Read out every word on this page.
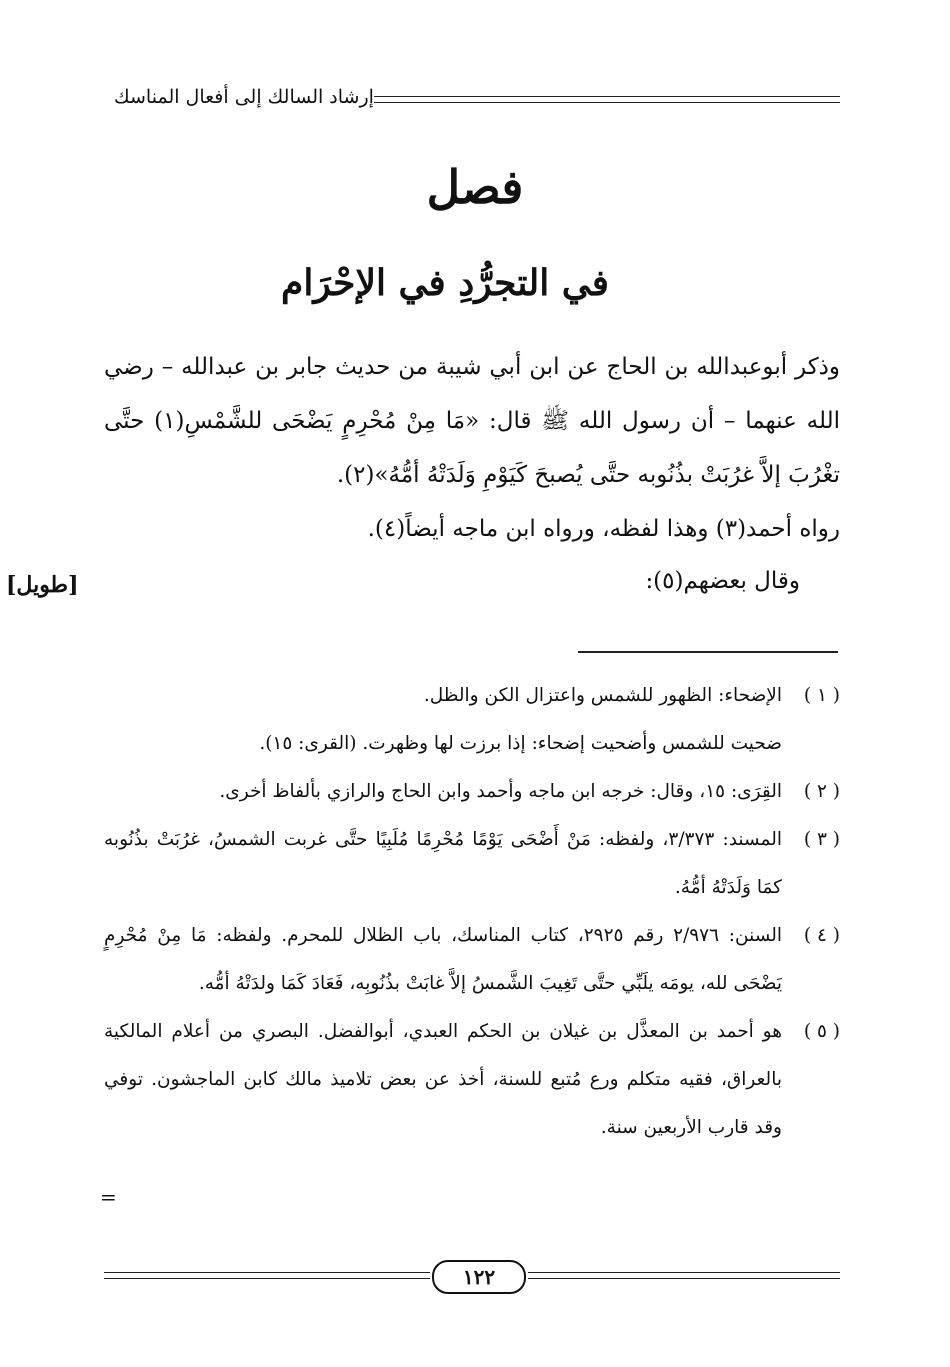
إرشاد السالك إلى أفعال المناسك
فصل
في التجرُّدِ في الإحْرَام

وذكر أبوعبدالله بن الحاج عن ابن أبي شيبة من حديث جابر بن عبدالله – رضي الله عنهما – أن رسول الله ﷺ قال: «مَا مِنْ مُحْرِمٍ يَضْحَى للشَّمْسِ(١) حتَّى تغْرُبَ إلاَّ غرُبَتْ بذُنُوبه حتَّى يُصبحَ كَيَوْمِ وَلَدَتْهُ أمُّهُ»(٢).

رواه أحمد(٣) وهذا لفظه، ورواه ابن ماجه أيضاً(٤).

وقال بعضهم(٥):
[طويل]
( ١ )
الإضحاء: الظهور للشمس واعتزال الكن والظل.
ضحيت للشمس وأضحيت إضحاء: إذا برزت لها وظهرت. (القرى: ١٥).
( ٢ )
القِرَى: ١٥، وقال: خرجه ابن ماجه وأحمد وابن الحاج والرازي بألفاظ أخرى.
( ٣ )
المسند: ٣/٣٧٣، ولفظه: مَنْ أَضْحَى يَوْمًا مُحْرِمًا مُلَبِيًا حتَّى غربت الشمسُ، غرُبَتْ بذُنُوبه كمَا وَلَدَتْهُ أمُّهُ.
( ٤ )
السنن: ٢/٩٧٦ رقم ٢٩٢٥، كتاب المناسك، باب الظلال للمحرم. ولفظه: مَا مِنْ مُحْرِمٍ يَضْحَى لله، يومَه يلَبِّي حتَّى تَغِيبَ الشَّمسُ إلاَّ غابَتْ بذُنُوبِه، فَعَادَ كَمَا ولدَتْهُ أمُّه.
( ٥ )
هو أحمد بن المعذَّل بن غيلان بن الحكم العبدي، أبوالفضل. البصري من أعلام المالكية بالعراق، فقيه متكلم ورع مُتبع للسنة، أخذ عن بعض تلاميذ مالك كابن الماجشون. توفي وقد قارب الأربعين سنة.
=
١٢٢
